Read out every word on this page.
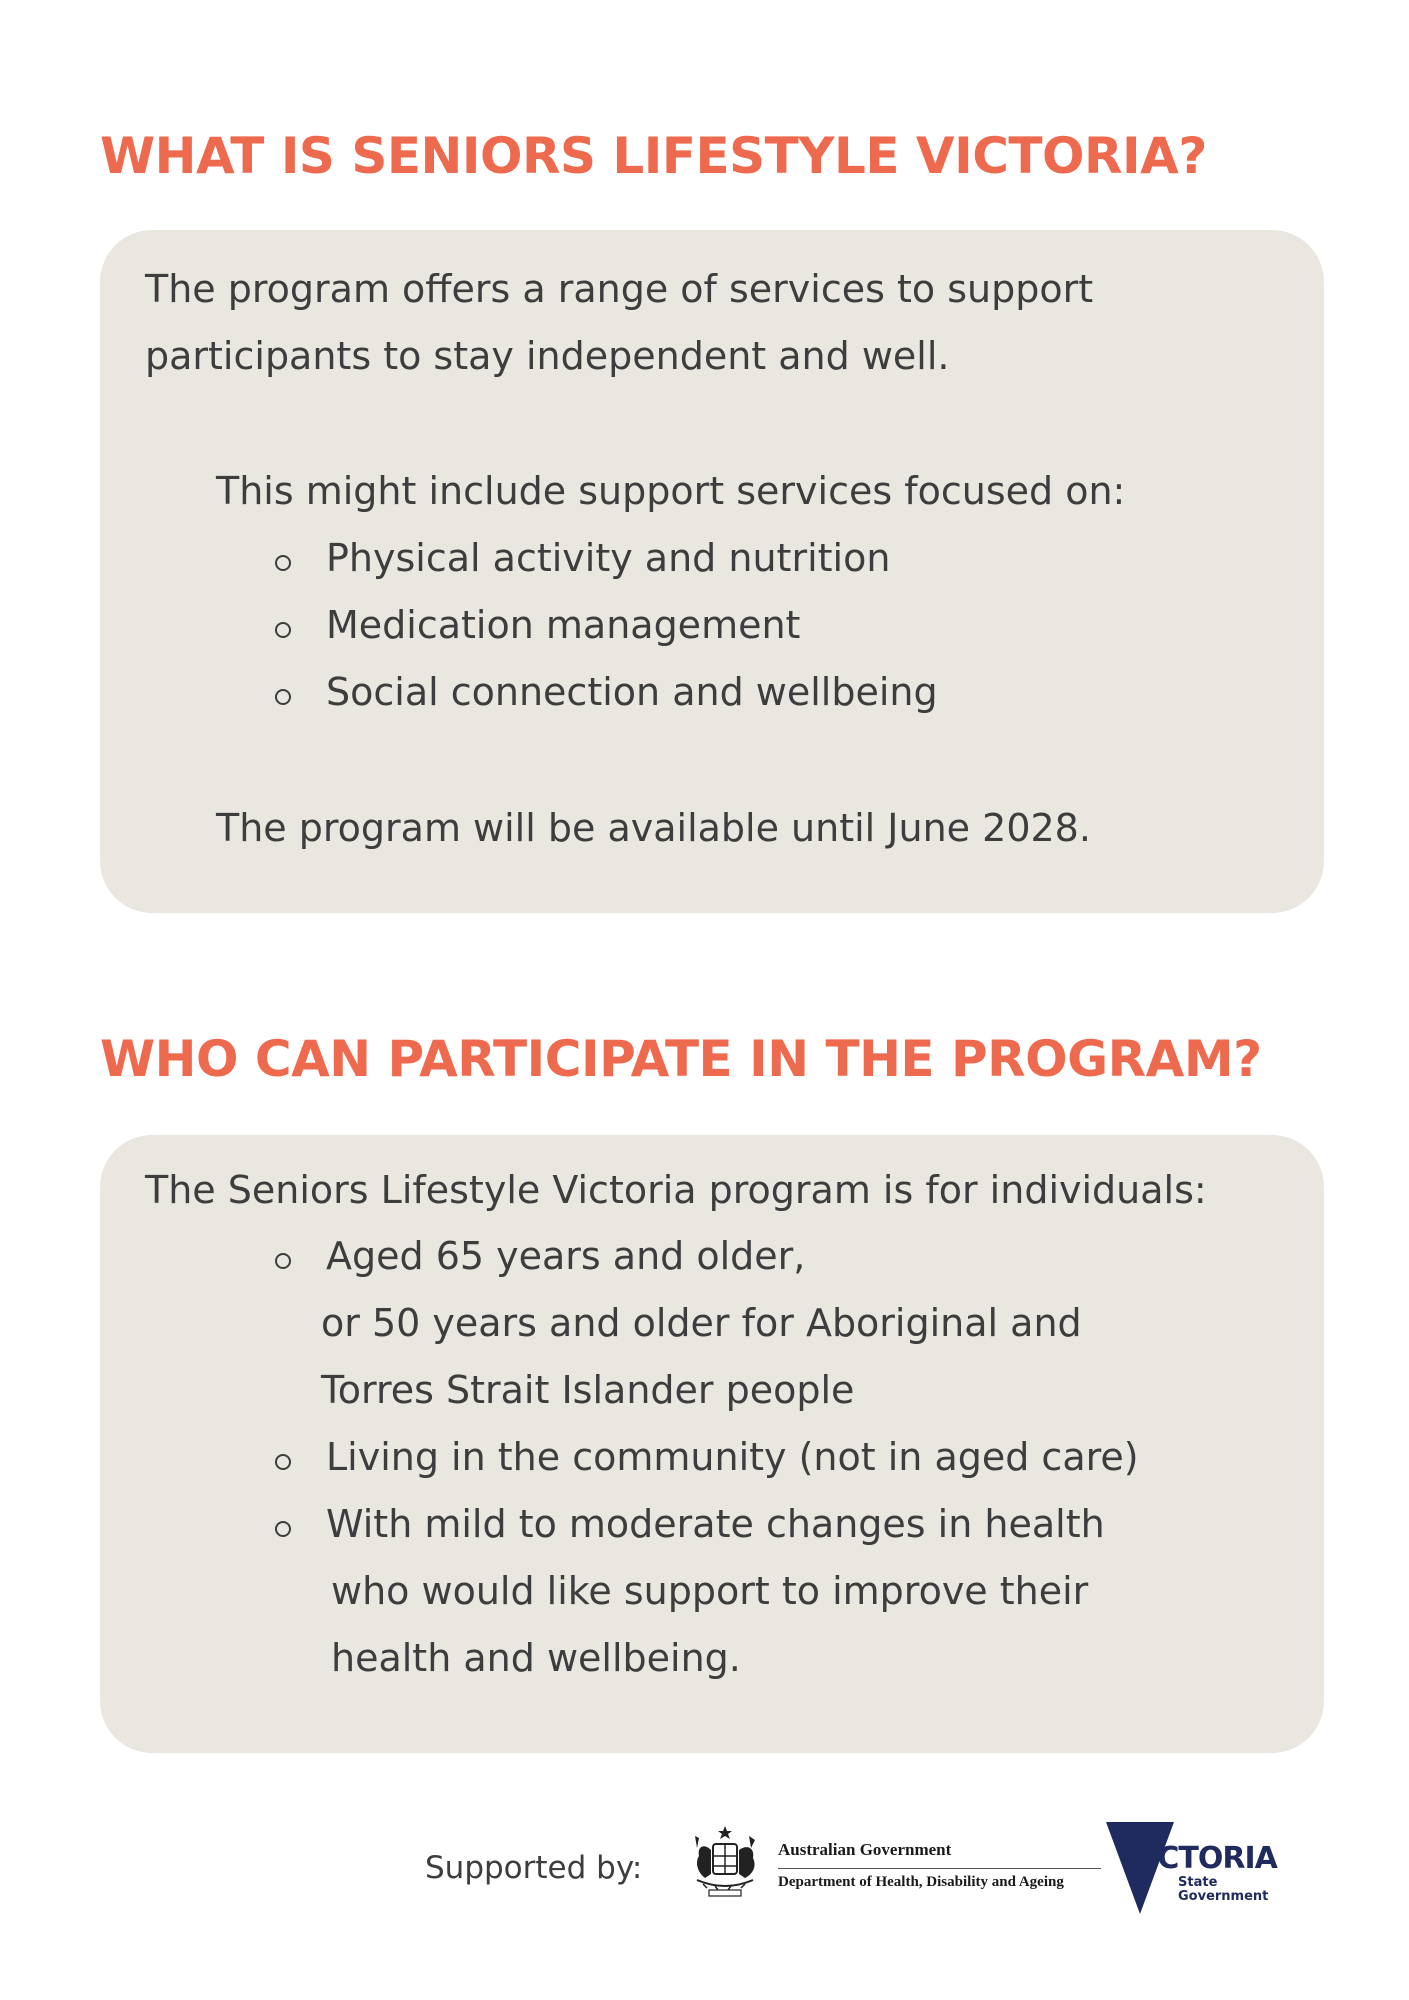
WHAT IS SENIORS LIFESTYLE VICTORIA?

The program offers a range of services to support

participants to stay independent and well.

This might include support services focused on:

Physical activity and nutrition

Medication management

Social connection and wellbeing

The program will be available until June 2028.

WHO CAN PARTICIPATE IN THE PROGRAM?

The Seniors Lifestyle Victoria program is for individuals:

Aged 65 years and older,

or 50 years and older for Aboriginal and

Torres Strait Islander people

Living in the community (not in aged care)

With mild to moderate changes in health

who would like support to improve their

health and wellbeing.

Supported by:
Australian Government
Department of Health, Disability and Ageing
VICTORIA
State
Government
